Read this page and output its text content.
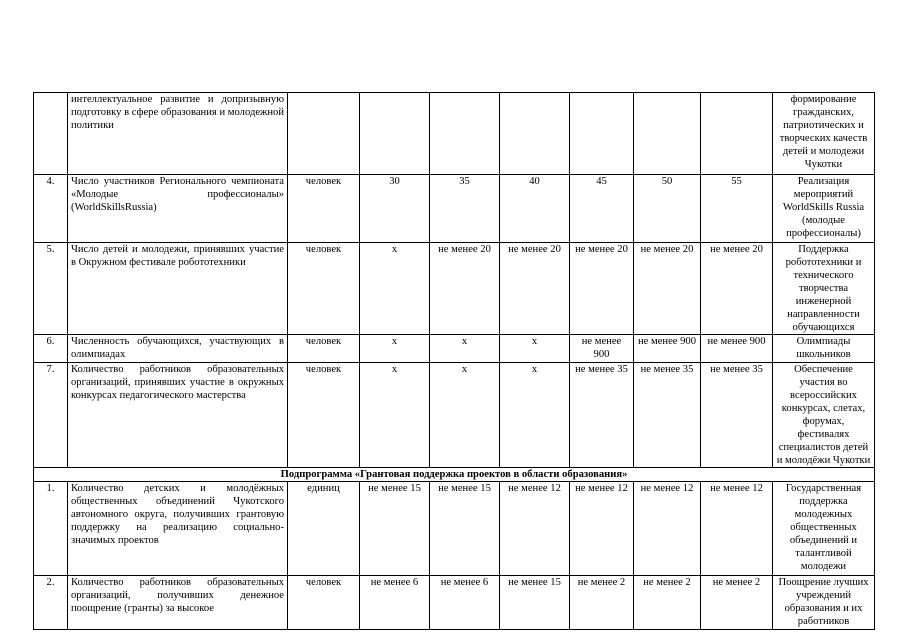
	интеллектуальное развитие и допризывную подготовку в сфере образования и молодежной политики								формирование гражданских, патриотических и творческих качеств детей и молодежи Чукотки
4.	Число участников Регионального чемпионата «Молодые профессионалы» (WorldSkillsRussia)	человек	30	35	40	45	50	55	Реализация мероприятий WorldSkills Russia (молодые профессионалы)
5.	Число детей и молодежи, принявших участие в Окружном фестивале робототехники	человек	х	не менее 20	не менее 20	не менее 20	не менее 20	не менее 20	Поддержка робототехники и технического творчества инженерной направленности обучающихся
6.	Численность обучающихся, участвующих в олимпиадах	человек	х	х	х	не менее 900	не менее 900	не менее 900	Олимпиады школьников
7.	Количество работников образовательных организаций, принявших участие в окружных конкурсах педагогического мастерства	человек	х	х	х	не менее 35	не менее 35	не менее 35	Обеспечение участия во всероссийских конкурсах, слетах, форумах, фестивалях специалистов детей и молодёжи Чукотки
Подпрограмма «Грантовая поддержка проектов в области образования»									
1.	Количество детских и молодёжных общественных объединений Чукотского автономного округа, получивших грантовую поддержку на реализацию социально-значимых проектов	единиц	не менее 15	не менее 15	не менее 12	не менее 12	не менее 12	не менее 12	Государственная поддержка молодежных общественных объединений и талантливой молодежи
2.	Количество работников образовательных организаций, получивших денежное поощрение (гранты) за высокое	человек	не менее 6	не менее 6	не менее 15	не менее 2	не менее 2	не менее 2	Поощрение лучших учреждений образования и их работников
